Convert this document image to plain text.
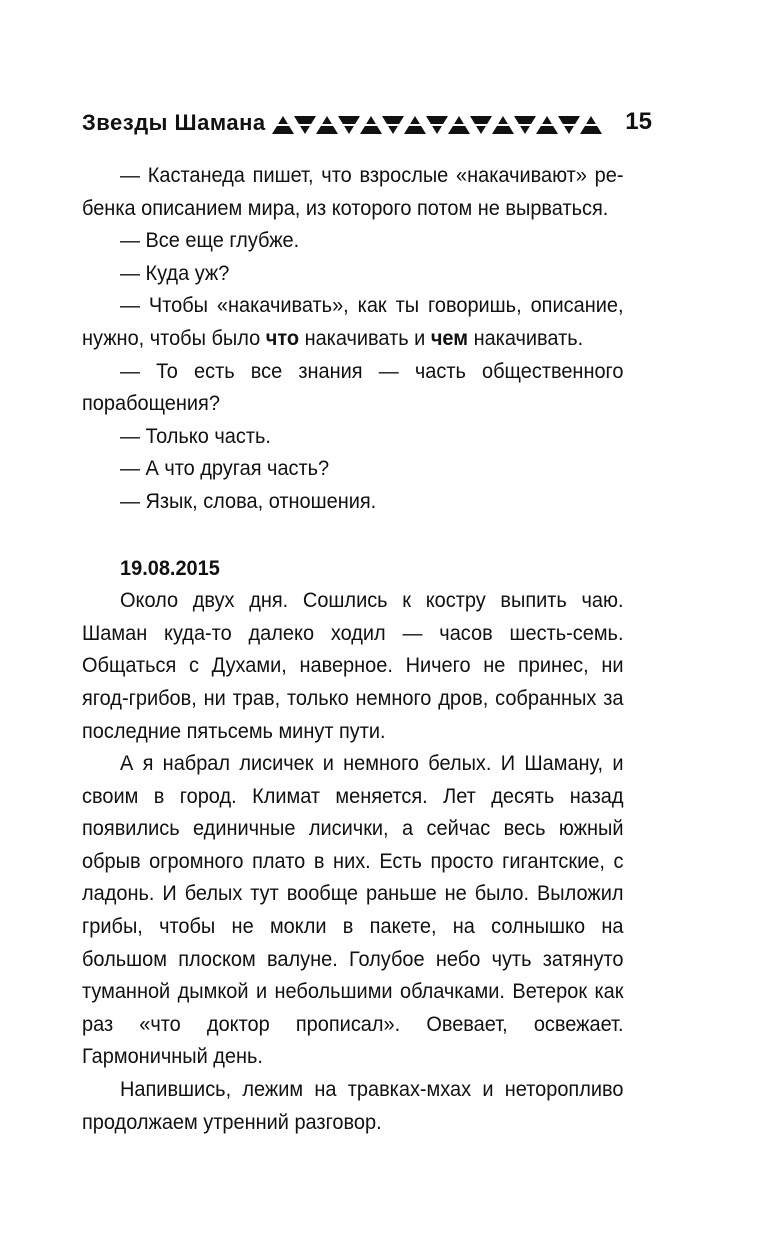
Звезды Шамана	15

— Кастанеда пишет, что взрослые «накачивают» ребенка описанием мира, из которого потом не вырваться.

— Все еще глубже.

— Куда уж?

— Чтобы «накачивать», как ты говоришь, описание, нужно, чтобы было что накачивать и чем накачивать.

— То есть все знания — часть общественного порабощения?

— Только часть.

— А что другая часть?

— Язык, слова, отношения.

19.08.2015

Около двух дня. Сошлись к костру выпить чаю. Шаман куда-то далеко ходил — часов шесть-семь. Общаться с Духами, наверное. Ничего не принес, ни ягод-грибов, ни трав, только немного дров, собранных за последние пятьсемь минут пути.

А я набрал лисичек и немного белых. И Шаману, и своим в город. Климат меняется. Лет десять назад появились единичные лисички, а сейчас весь южный обрыв огромного плато в них. Есть просто гигантские, с ладонь. И белых тут вообще раньше не было. Выложил грибы, чтобы не мокли в пакете, на солнышко на большом плоском валуне. Голубое небо чуть затянуто туманной дымкой и небольшими облачками. Ветерок как раз «что доктор прописал». Овевает, освежает. Гармоничный день.

Напившись, лежим на травках-мхах и неторопливо продолжаем утренний разговор.
